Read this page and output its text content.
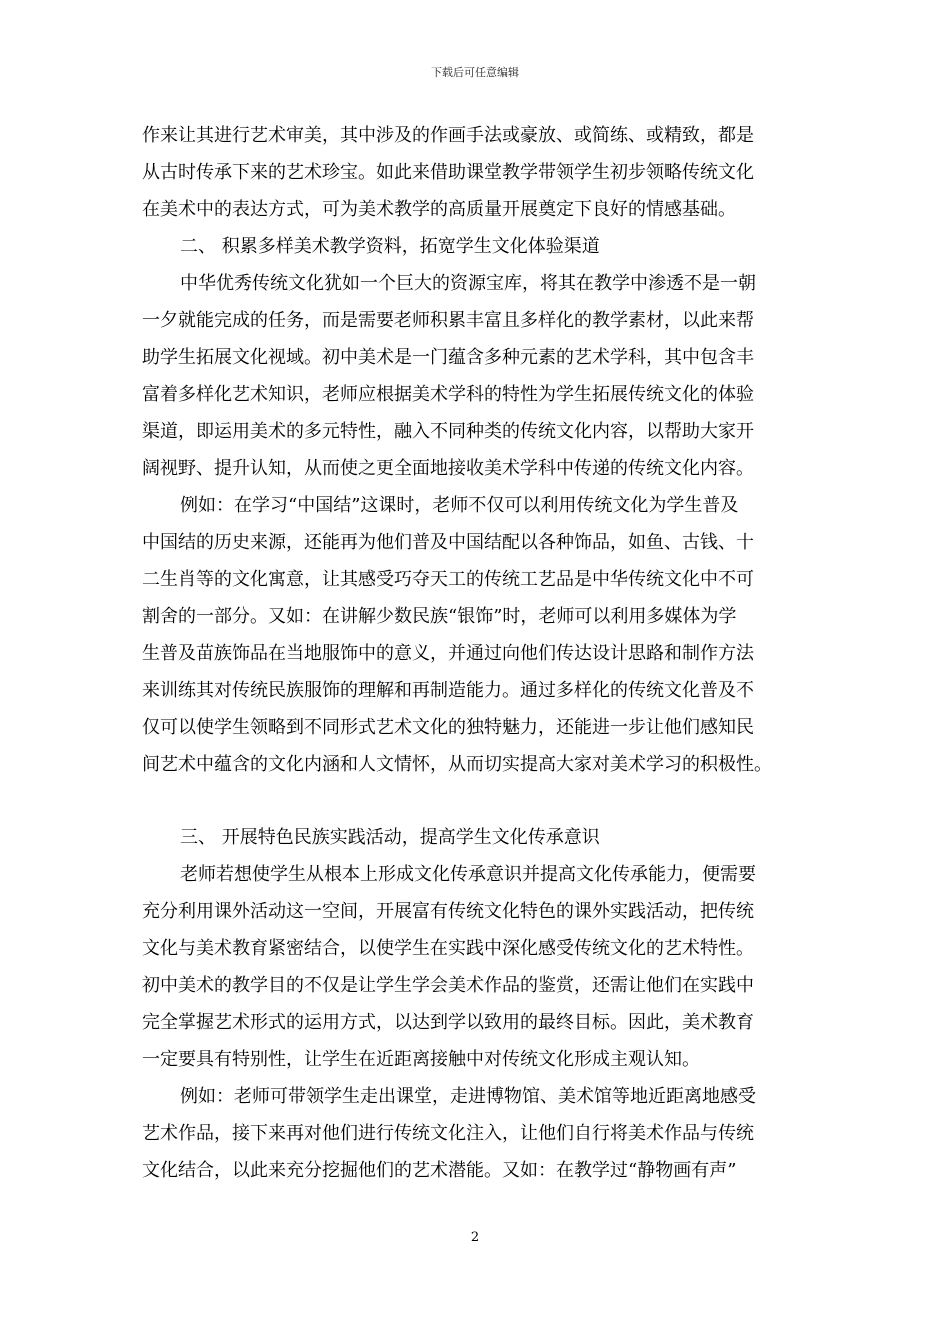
下载后可任意编辑
作来让其进行艺术审美，其中涉及的作画手法或豪放、或简练、或精致，都是
从古时传承下来的艺术珍宝。如此来借助课堂教学带领学生初步领略传统文化
在美术中的表达方式，可为美术教学的高质量开展奠定下良好的情感基础。
二、 积累多样美术教学资料，拓宽学生文化体验渠道
中华优秀传统文化犹如一个巨大的资源宝库，将其在教学中渗透不是一朝
一夕就能完成的任务，而是需要老师积累丰富且多样化的教学素材，以此来帮
助学生拓展文化视域。初中美术是一门蕴含多种元素的艺术学科，其中包含丰
富着多样化艺术知识，老师应根据美术学科的特性为学生拓展传统文化的体验
渠道，即运用美术的多元特性，融入不同种类的传统文化内容，以帮助大家开
阔视野、提升认知，从而使之更全面地接收美术学科中传递的传统文化内容。
例如：在学习“中国结”这课时，老师不仅可以利用传统文化为学生普及
中国结的历史来源，还能再为他们普及中国结配以各种饰品，如鱼、古钱、十
二生肖等的文化寓意，让其感受巧夺天工的传统工艺品是中华传统文化中不可
割舍的一部分。又如：在讲解少数民族“银饰”时，老师可以利用多媒体为学
生普及苗族饰品在当地服饰中的意义，并通过向他们传达设计思路和制作方法
来训练其对传统民族服饰的理解和再制造能力。通过多样化的传统文化普及不
仅可以使学生领略到不同形式艺术文化的独特魅力，还能进一步让他们感知民
间艺术中蕴含的文化内涵和人文情怀，从而切实提高大家对美术学习的积极性。
三、 开展特色民族实践活动，提高学生文化传承意识
老师若想使学生从根本上形成文化传承意识并提高文化传承能力，便需要
充分利用课外活动这一空间，开展富有传统文化特色的课外实践活动，把传统
文化与美术教育紧密结合，以使学生在实践中深化感受传统文化的艺术特性。
初中美术的教学目的不仅是让学生学会美术作品的鉴赏，还需让他们在实践中
完全掌握艺术形式的运用方式，以达到学以致用的最终目标。因此，美术教育
一定要具有特别性，让学生在近距离接触中对传统文化形成主观认知。
例如：老师可带领学生走出课堂，走进博物馆、美术馆等地近距离地感受
艺术作品，接下来再对他们进行传统文化注入，让他们自行将美术作品与传统
文化结合，以此来充分挖掘他们的艺术潜能。又如：在教学过“静物画有声”
2
